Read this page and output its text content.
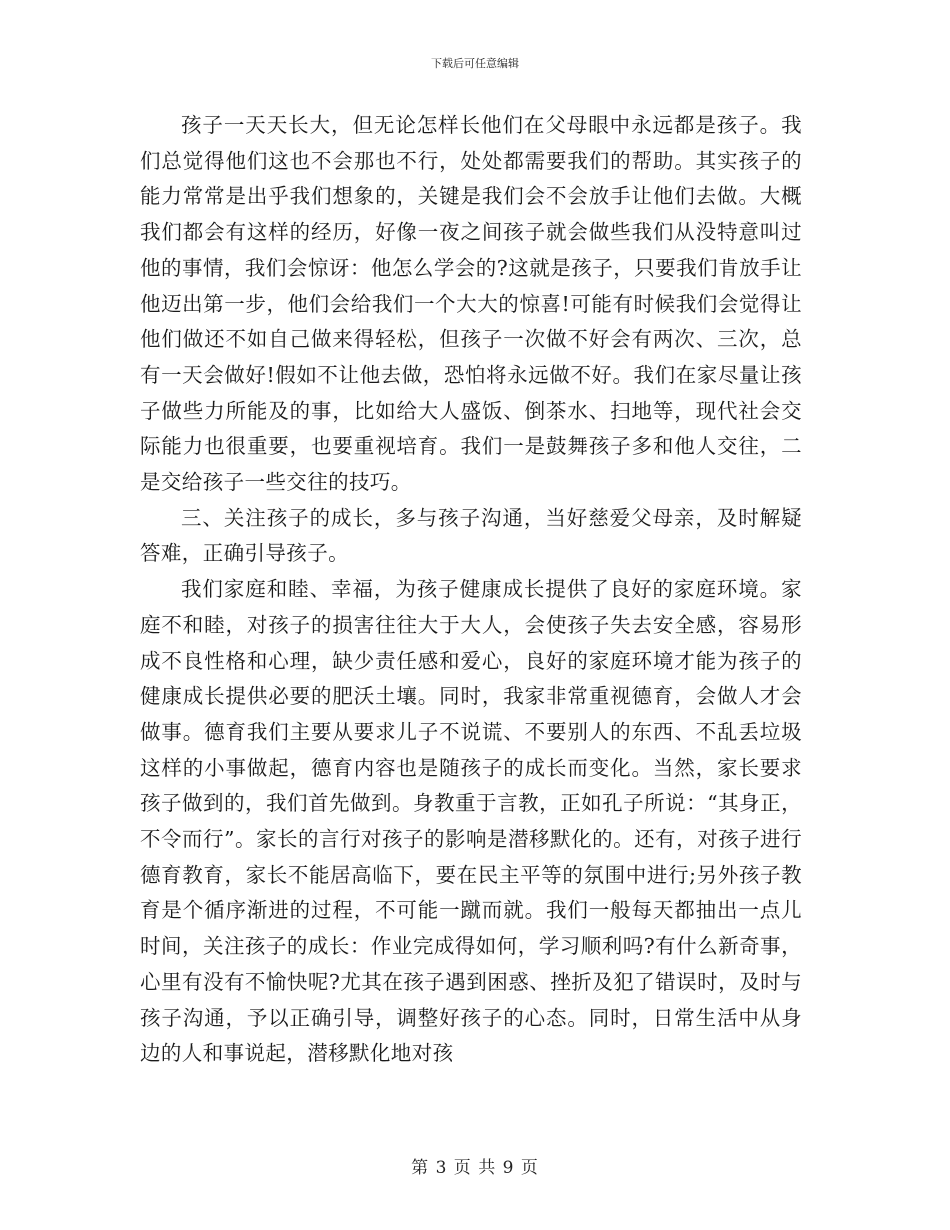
下载后可任意编辑

孩子一天天长大，但无论怎样长他们在父母眼中永远都是孩子。我们总觉得他们这也不会那也不行，处处都需要我们的帮助。其实孩子的能力常常是出乎我们想象的，关键是我们会不会放手让他们去做。大概我们都会有这样的经历，好像一夜之间孩子就会做些我们从没特意叫过他的事情，我们会惊讶：他怎么学会的?这就是孩子，只要我们肯放手让他迈出第一步，他们会给我们一个大大的惊喜!可能有时候我们会觉得让他们做还不如自己做来得轻松，但孩子一次做不好会有两次、三次，总有一天会做好!假如不让他去做，恐怕将永远做不好。我们在家尽量让孩子做些力所能及的事，比如给大人盛饭、倒茶水、扫地等，现代社会交际能力也很重要，也要重视培育。我们一是鼓舞孩子多和他人交往，二是交给孩子一些交往的技巧。

三、关注孩子的成长，多与孩子沟通，当好慈爱父母亲，及时解疑答难，正确引导孩子。

我们家庭和睦、幸福，为孩子健康成长提供了良好的家庭环境。家庭不和睦，对孩子的损害往往大于大人，会使孩子失去安全感，容易形成不良性格和心理，缺少责任感和爱心，良好的家庭环境才能为孩子的健康成长提供必要的肥沃土壤。同时，我家非常重视德育，会做人才会做事。德育我们主要从要求儿子不说谎、不要别人的东西、不乱丢垃圾这样的小事做起，德育内容也是随孩子的成长而变化。当然，家长要求孩子做到的，我们首先做到。身教重于言教，正如孔子所说：“其身正，不令而行”。家长的言行对孩子的影响是潜移默化的。还有，对孩子进行德育教育，家长不能居高临下，要在民主平等的氛围中进行;另外孩子教育是个循序渐进的过程，不可能一蹴而就。我们一般每天都抽出一点儿时间，关注孩子的成长：作业完成得如何，学习顺利吗?有什么新奇事，心里有没有不愉快呢?尤其在孩子遇到困惑、挫折及犯了错误时，及时与孩子沟通，予以正确引导，调整好孩子的心态。同时，日常生活中从身边的人和事说起，潜移默化地对孩

第 3 页 共 9 页
